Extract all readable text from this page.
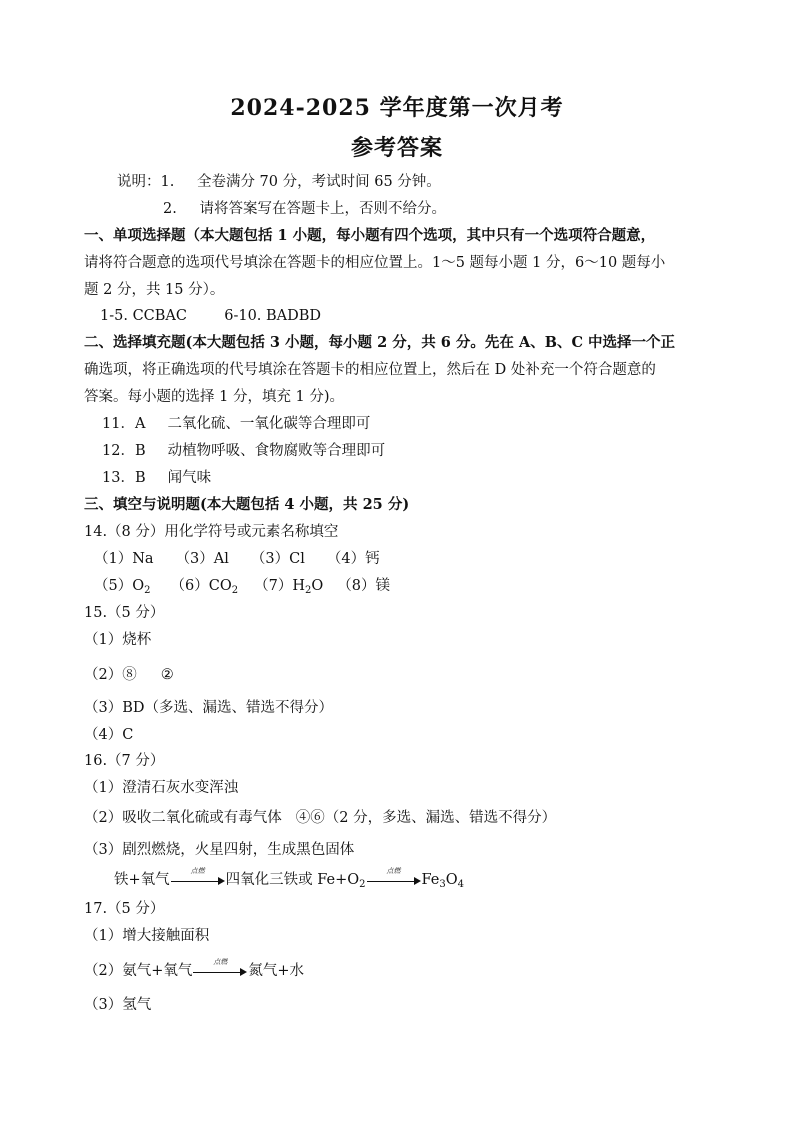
2024-2025 学年度第一次月考
参考答案
说明：1. 全卷满分 70 分，考试时间 65 分钟。
2. 请将答案写在答题卡上，否则不给分。
一、单项选择题（本大题包括 1 小题，每小题有四个选项，其中只有一个选项符合题意，
请将符合题意的选项代号填涂在答题卡的相应位置上。1～5 题每小题 1 分，6～10 题每小
题 2 分，共 15 分）。
1-5. CCBAC	6-10. BADBD
二、选择填充题(本大题包括 3 小题，每小题 2 分，共 6 分。先在 A、B、C 中选择一个正
确选项，将正确选项的代号填涂在答题卡的相应位置上，然后在 D 处补充一个符合题意的
答案。每小题的选择 1 分，填充 1 分)。
11．A 二氧化硫、一氧化碳等合理即可
12．B 动植物呼吸、食物腐败等合理即可
13．B 闻气味
三、填空与说明题(本大题包括 4 小题，共 25 分)
14.（8 分）用化学符号或元素名称填空
（1）Na （3）Al （3）Cl （4）钙
$(5)O_2$ $(6)CO_2$ $(7)H_2O$ （8）镁
15.（5 分）
（1）烧杯
（2）⑧ ②
（3）BD（多选、漏选、错选不得分）
（4）C
16.（7 分）
（1）澄清石灰水变浑浊
（2）吸收二氧化硫或有毒气体 ④⑥（2 分，多选、漏选、错选不得分）
（3）剧烈燃烧，火星四射，生成黑色固体
铁+氧气
点燃
四氧化三铁或 $Fe+O_2$
点燃
$Fe_3O_4$
17.（5 分）
（1）增大接触面积
（2）氨气+氧气
点燃
氮气+水
（3）氢气
